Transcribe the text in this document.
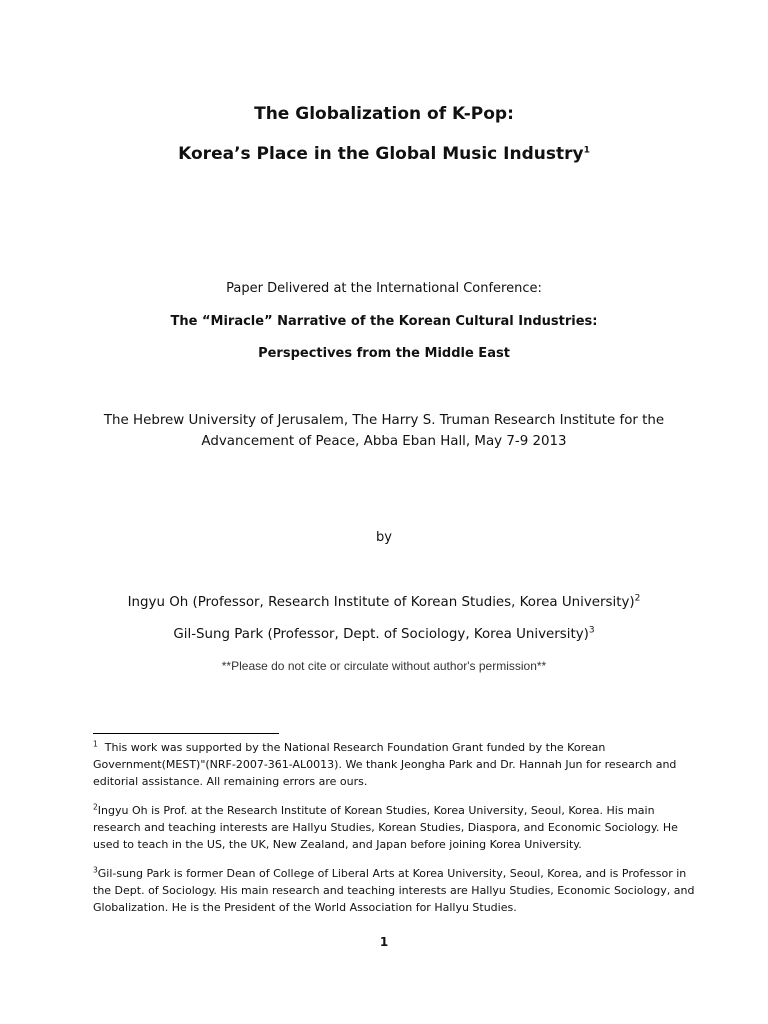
The Globalization of K-Pop:
Korea’s Place in the Global Music Industry$^1$
Paper Delivered at the International Conference:
The “Miracle” Narrative of the Korean Cultural Industries:
Perspectives from the Middle East
The Hebrew University of Jerusalem, The Harry S. Truman Research Institute for the
Advancement of Peace, Abba Eban Hall, May 7-9 2013
by
Ingyu Oh (Professor, Research Institute of Korean Studies, Korea University)$^2$
Gil-Sung Park (Professor, Dept. of Sociology, Korea University)$^3$
**Please do not cite or circulate without author's permission**
$^1$  This work was supported by the National Research Foundation Grant funded by the Korean
Government(MEST)"(NRF-2007-361-AL0013). We thank Jeongha Park and Dr. Hannah Jun for research and
editorial assistance. All remaining errors are ours.
$^2$Ingyu Oh is Prof. at the Research Institute of Korean Studies, Korea University, Seoul, Korea. His main
research and teaching interests are Hallyu Studies, Korean Studies, Diaspora, and Economic Sociology. He
used to teach in the US, the UK, New Zealand, and Japan before joining Korea University.
$^3$Gil-sung Park is former Dean of College of Liberal Arts at Korea University, Seoul, Korea, and is Professor in
the Dept. of Sociology. His main research and teaching interests are Hallyu Studies, Economic Sociology, and
Globalization. He is the President of the World Association for Hallyu Studies.
1
